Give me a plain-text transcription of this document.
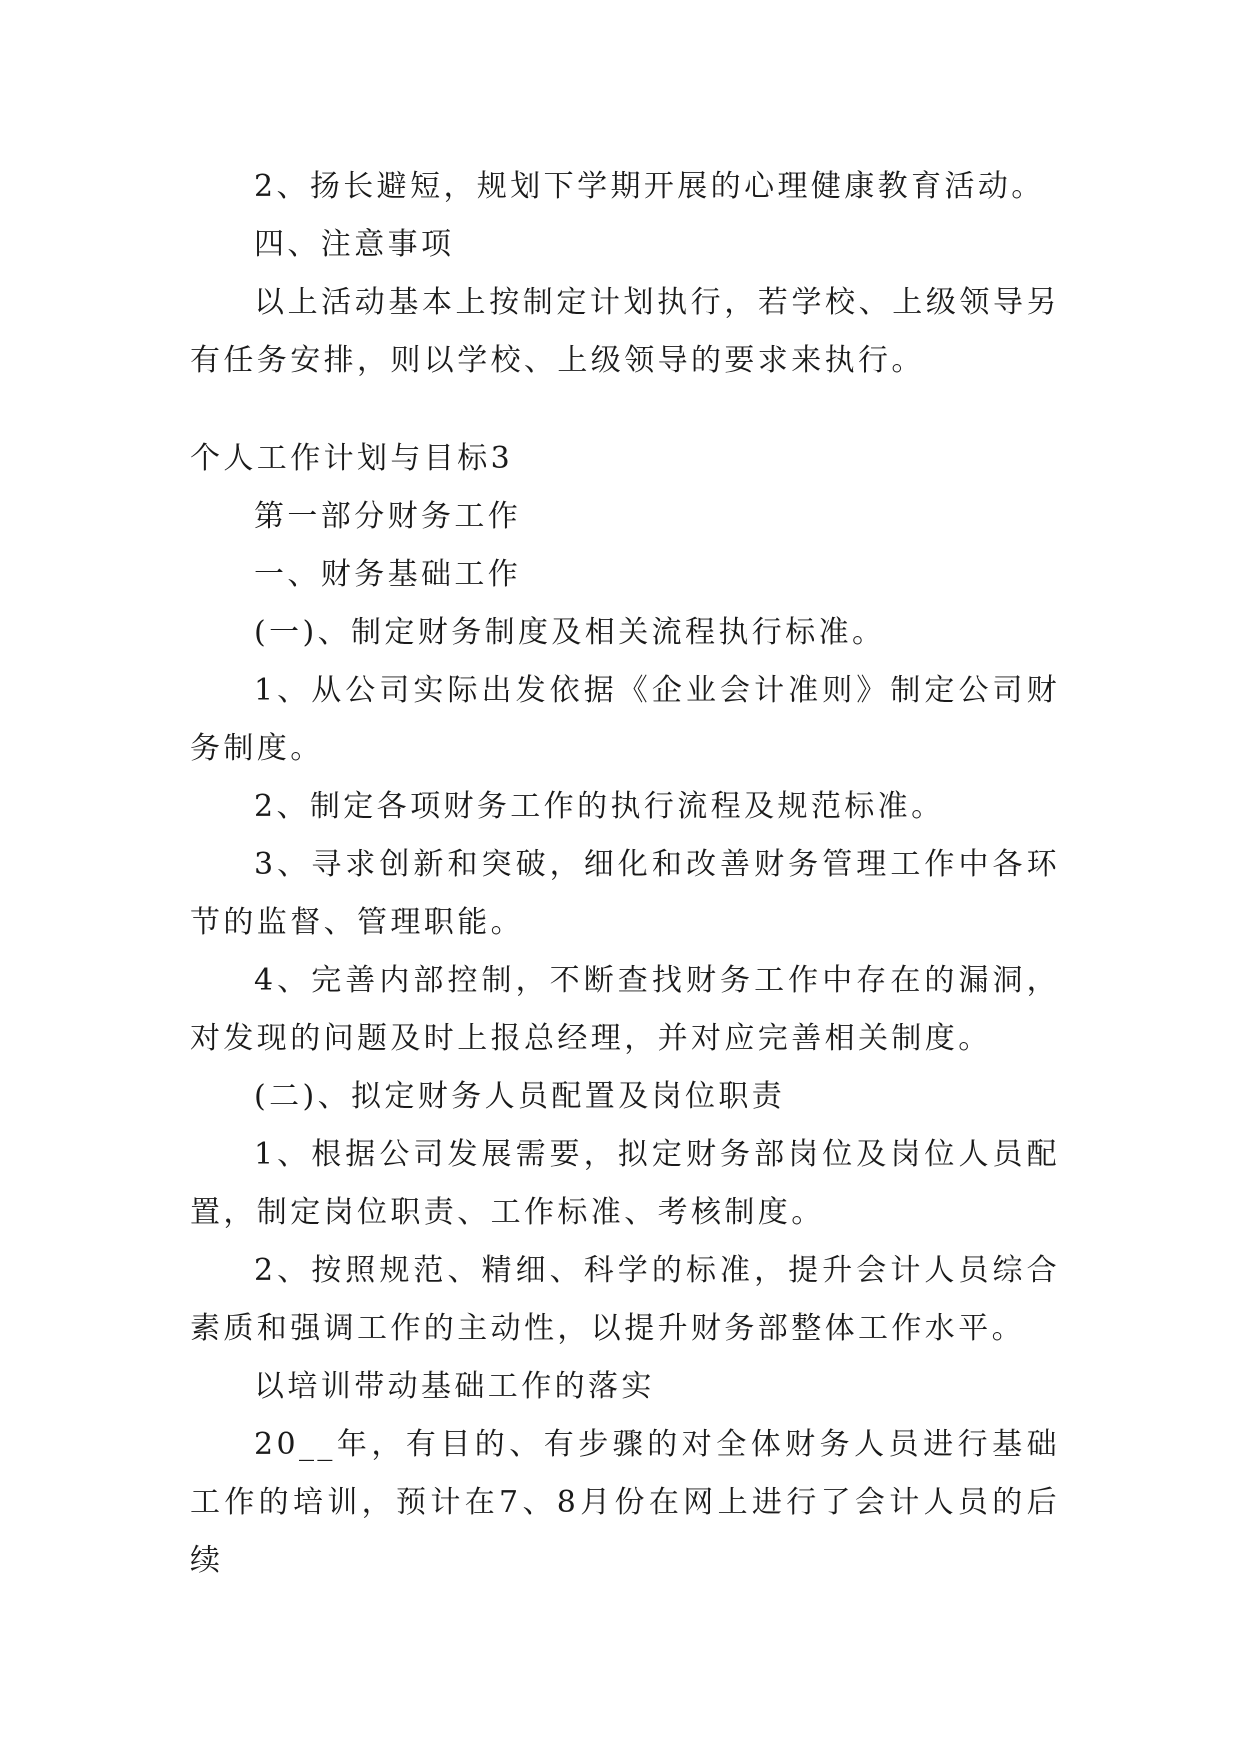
2、扬长避短，规划下学期开展的心理健康教育活动。

四、注意事项

以上活动基本上按制定计划执行，若学校、上级领导另有任务安排，则以学校、上级领导的要求来执行。

个人工作计划与目标3

第一部分财务工作

一、财务基础工作

(一)、制定财务制度及相关流程执行标准。

1、从公司实际出发依据《企业会计准则》制定公司财务制度。

2、制定各项财务工作的执行流程及规范标准。

3、寻求创新和突破，细化和改善财务管理工作中各环节的监督、管理职能。

4、完善内部控制，不断查找财务工作中存在的漏洞，对发现的问题及时上报总经理，并对应完善相关制度。

(二)、拟定财务人员配置及岗位职责

1、根据公司发展需要，拟定财务部岗位及岗位人员配置，制定岗位职责、工作标准、考核制度。

2、按照规范、精细、科学的标准，提升会计人员综合素质和强调工作的主动性，以提升财务部整体工作水平。

以培训带动基础工作的落实

20__年，有目的、有步骤的对全体财务人员进行基础工作的培训，预计在7、8月份在网上进行了会计人员的后续
